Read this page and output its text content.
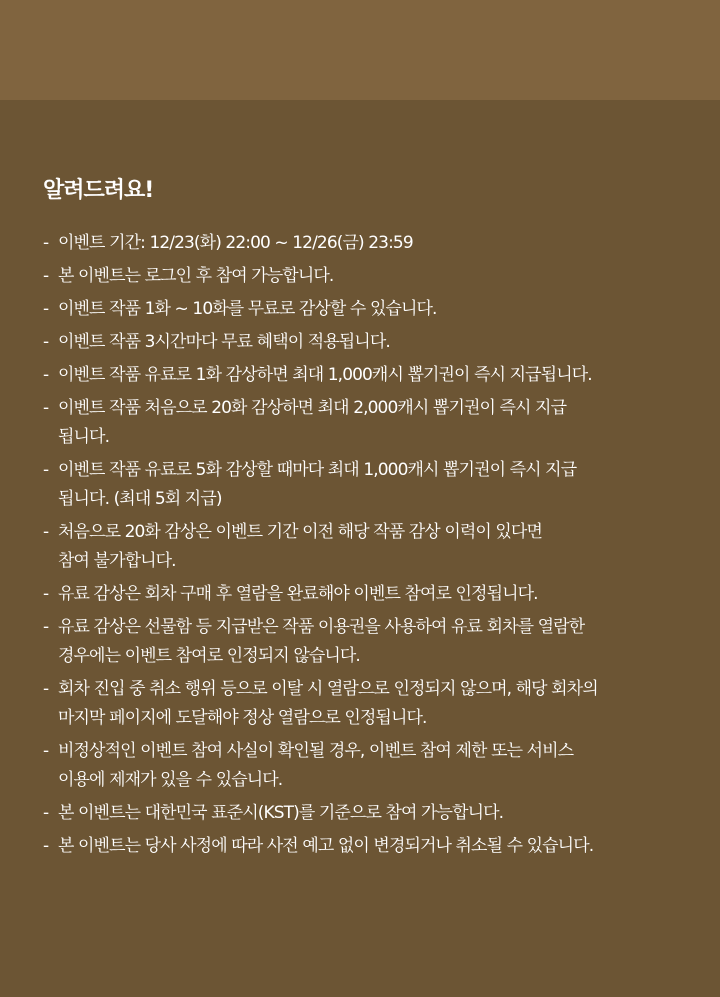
알려드려요!
- 이벤트 기간: 12/23(화) 22:00 ~ 12/26(금) 23:59
- 본 이벤트는 로그인 후 참여 가능합니다.
- 이벤트 작품 1화 ~ 10화를 무료로 감상할 수 있습니다.
- 이벤트 작품 3시간마다 무료 혜택이 적용됩니다.
- 이벤트 작품 유료로 1화 감상하면 최대 1,000캐시 뽑기권이 즉시 지급됩니다.
- 이벤트 작품 처음으로 20화 감상하면 최대 2,000캐시 뽑기권이 즉시 지급
됩니다.
- 이벤트 작품 유료로 5화 감상할 때마다 최대 1,000캐시 뽑기권이 즉시 지급
됩니다. (최대 5회 지급)
- 처음으로 20화 감상은 이벤트 기간 이전 해당 작품 감상 이력이 있다면
참여 불가합니다.
- 유료 감상은 회차 구매 후 열람을 완료해야 이벤트 참여로 인정됩니다.
- 유료 감상은 선물함 등 지급받은 작품 이용권을 사용하여 유료 회차를 열람한
경우에는 이벤트 참여로 인정되지 않습니다.
- 회차 진입 중 취소 행위 등으로 이탈 시 열람으로 인정되지 않으며, 해당 회차의
마지막 페이지에 도달해야 정상 열람으로 인정됩니다.
- 비정상적인 이벤트 참여 사실이 확인될 경우, 이벤트 참여 제한 또는 서비스
이용에 제재가 있을 수 있습니다.
- 본 이벤트는 대한민국 표준시(KST)를 기준으로 참여 가능합니다.
- 본 이벤트는 당사 사정에 따라 사전 예고 없이 변경되거나 취소될 수 있습니다.
